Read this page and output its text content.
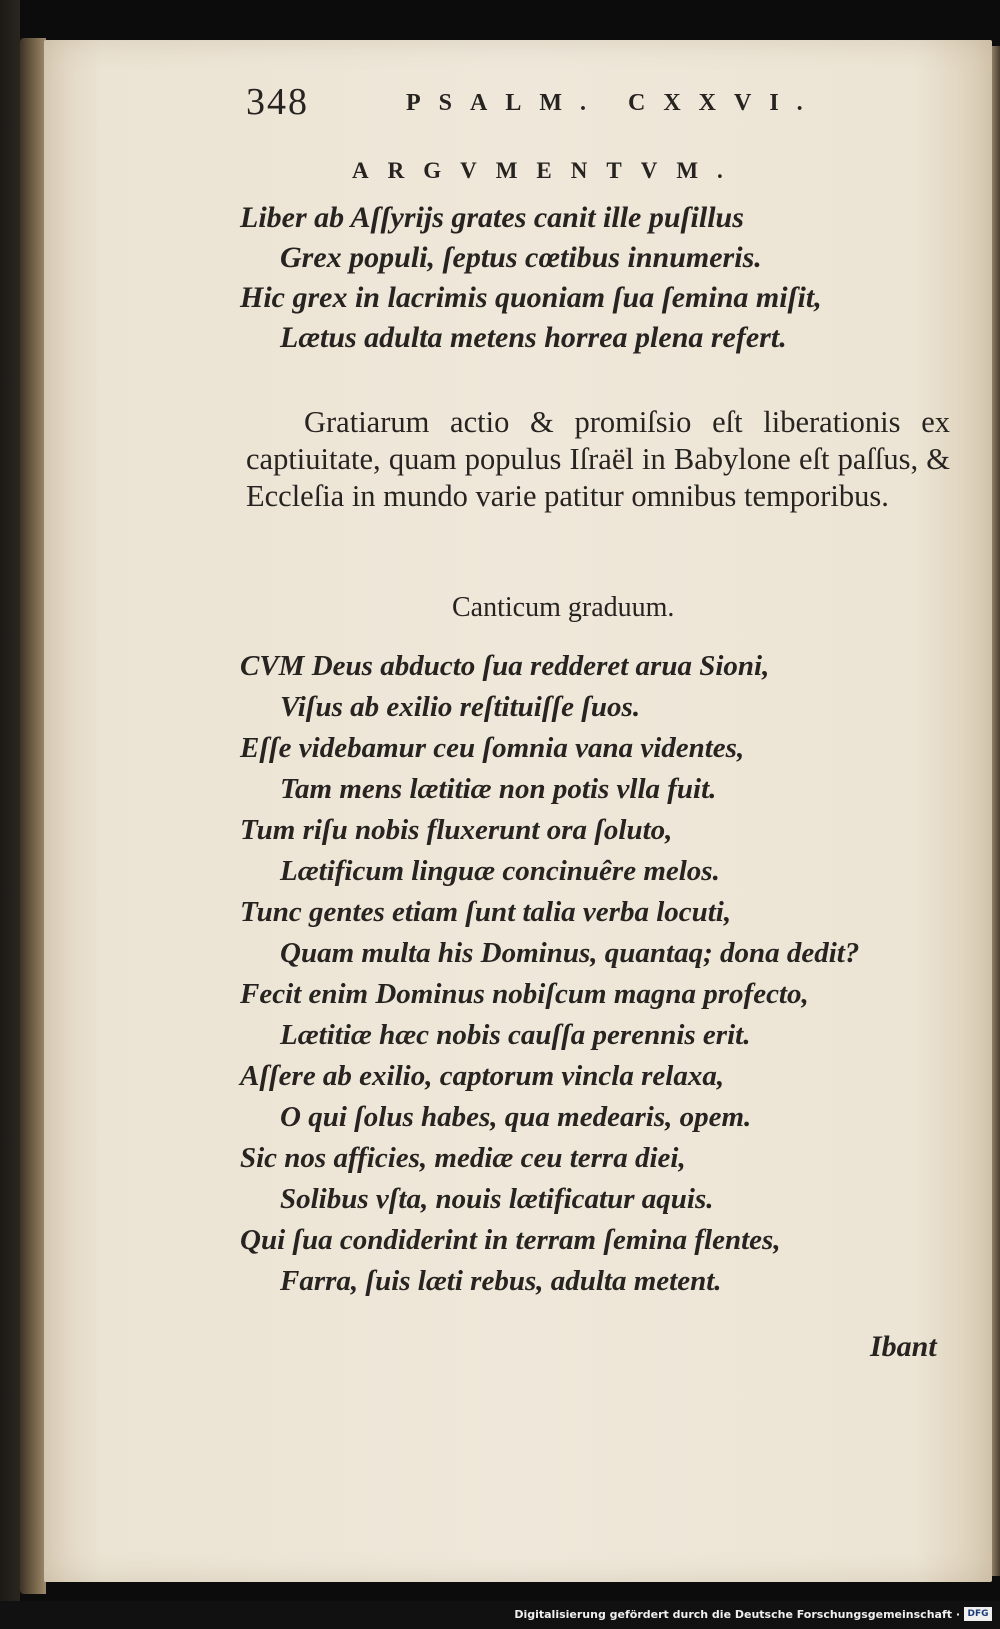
348	PSALM. CXXVI.
ARGVMENTVM.
Liber ab Aſſyrijs grates canit ille puſillus
Grex populi, ſeptus cœtibus innumeris.
Hic grex in lacrimis quoniam ſua ſemina miſit,
Lætus adulta metens horrea plena refert.
Gratiarum actio & promiſsio eſt liberationis ex captiuitate, quam populus Iſraël in Babylone eſt paſſus, & Eccleſia in mundo varie patitur omnibus temporibus.
Canticum graduum.
CVM Deus abducto ſua redderet arua Sioni,
Viſus ab exilio reſtituiſſe ſuos.
Eſſe videbamur ceu ſomnia vana videntes,
Tam mens lætitiæ non potis vlla fuit.
Tum riſu nobis fluxerunt ora ſoluto,
Lætificum linguæ concinuêre melos.
Tunc gentes etiam ſunt talia verba locuti,
Quam multa his Dominus, quantaq; dona dedit?
Fecit enim Dominus nobiſcum magna profecto,
Lætitiæ hæc nobis cauſſa perennis erit.
Aſſere ab exilio, captorum vincla relaxa,
O qui ſolus habes, qua medearis, opem.
Sic nos afficies, mediæ ceu terra diei,
Solibus vſta, nouis lætificatur aquis.
Qui ſua condiderint in terram ſemina flentes,
Farra, ſuis læti rebus, adulta metent.
Ibant
Digitalisierung gefördert durch die Deutsche Forschungsgemeinschaft · DFG
